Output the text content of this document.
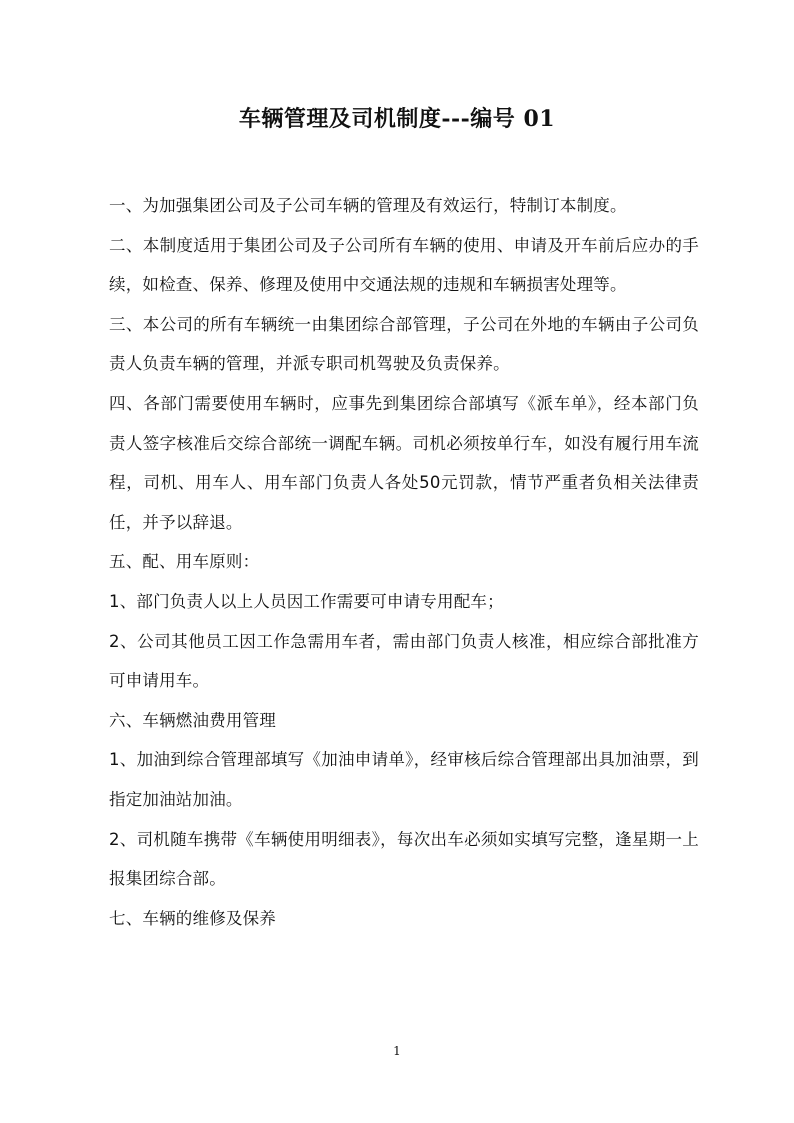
车辆管理及司机制度---编号 01

一、为加强集团公司及子公司车辆的管理及有效运行，特制订本制度。

二、本制度适用于集团公司及子公司所有车辆的使用、申请及开车前后应办的手续，如检查、保养、修理及使用中交通法规的违规和车辆损害处理等。

三、本公司的所有车辆统一由集团综合部管理，子公司在外地的车辆由子公司负责人负责车辆的管理，并派专职司机驾驶及负责保养。

四、各部门需要使用车辆时，应事先到集团综合部填写《派车单》，经本部门负责人签字核准后交综合部统一调配车辆。司机必须按单行车，如没有履行用车流程，司机、用车人、用车部门负责人各处50元罚款，情节严重者负相关法律责任，并予以辞退。

五、配、用车原则：

1、部门负责人以上人员因工作需要可申请专用配车；

2、公司其他员工因工作急需用车者，需由部门负责人核准，相应综合部批准方可申请用车。

六、车辆燃油费用管理

1、加油到综合管理部填写《加油申请单》，经审核后综合管理部出具加油票，到指定加油站加油。

2、司机随车携带《车辆使用明细表》，每次出车必须如实填写完整，逢星期一上报集团综合部。

七、车辆的维修及保养

1
